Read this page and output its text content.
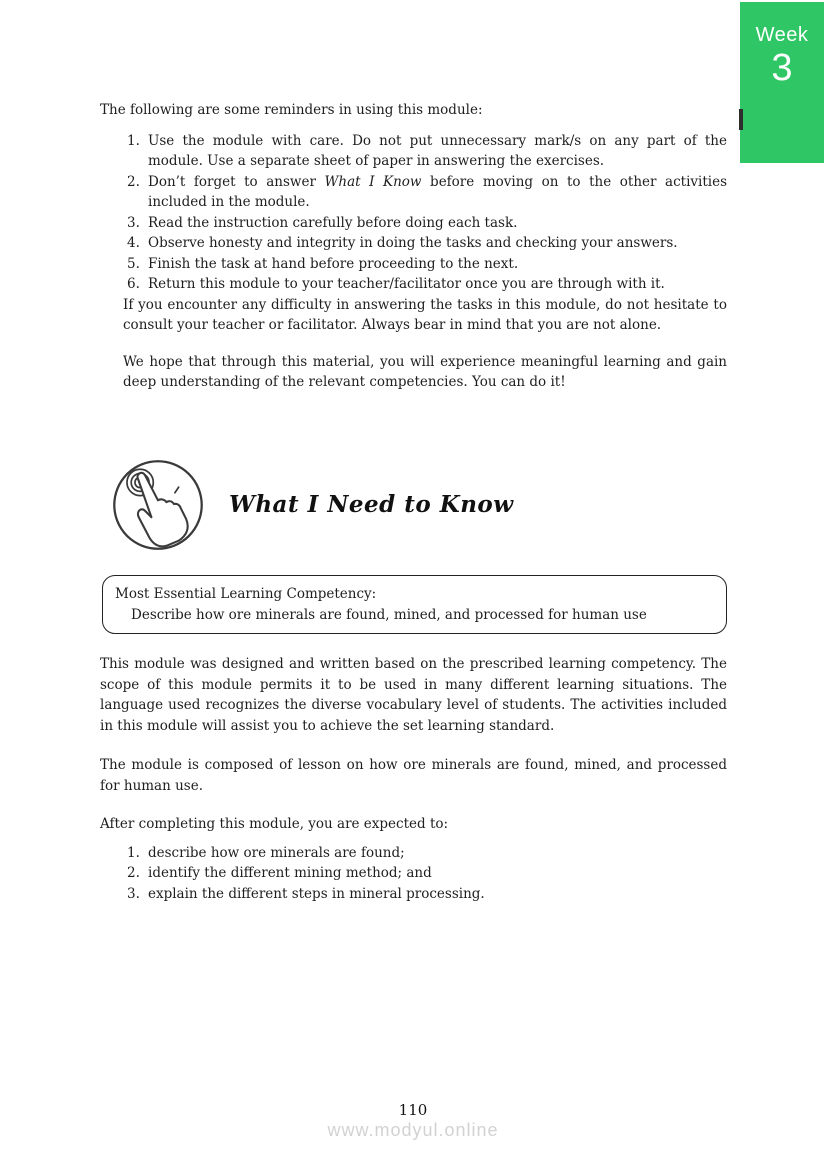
Week
3

The following are some reminders in using this module:

Use the module with care. Do not put unnecessary mark/s on any part of the module. Use a separate sheet of paper in answering the exercises.
Don’t forget to answer What I Know before moving on to the other activities included in the module.
Read the instruction carefully before doing each task.
Observe honesty and integrity in doing the tasks and checking your answers.
Finish the task at hand before proceeding to the next.
Return this module to your teacher/facilitator once you are through with it.

If you encounter any difficulty in answering the tasks in this module, do not hesitate to consult your teacher or facilitator. Always bear in mind that you are not alone.

We hope that through this material, you will experience meaningful learning and gain deep understanding of the relevant competencies. You can do it!

What I Need to Know
Most Essential Learning Competency:
Describe how ore minerals are found, mined, and processed for human use

This module was designed and written based on the prescribed learning competency. The scope of this module permits it to be used in many different learning situations. The language used recognizes the diverse vocabulary level of students. The activities included in this module will assist you to achieve the set learning standard.

The module is composed of lesson on how ore minerals are found, mined, and processed for human use.

After completing this module, you are expected to:

describe how ore minerals are found;
identify the different mining method; and
explain the different steps in mineral processing.
110
www.modyul.online
